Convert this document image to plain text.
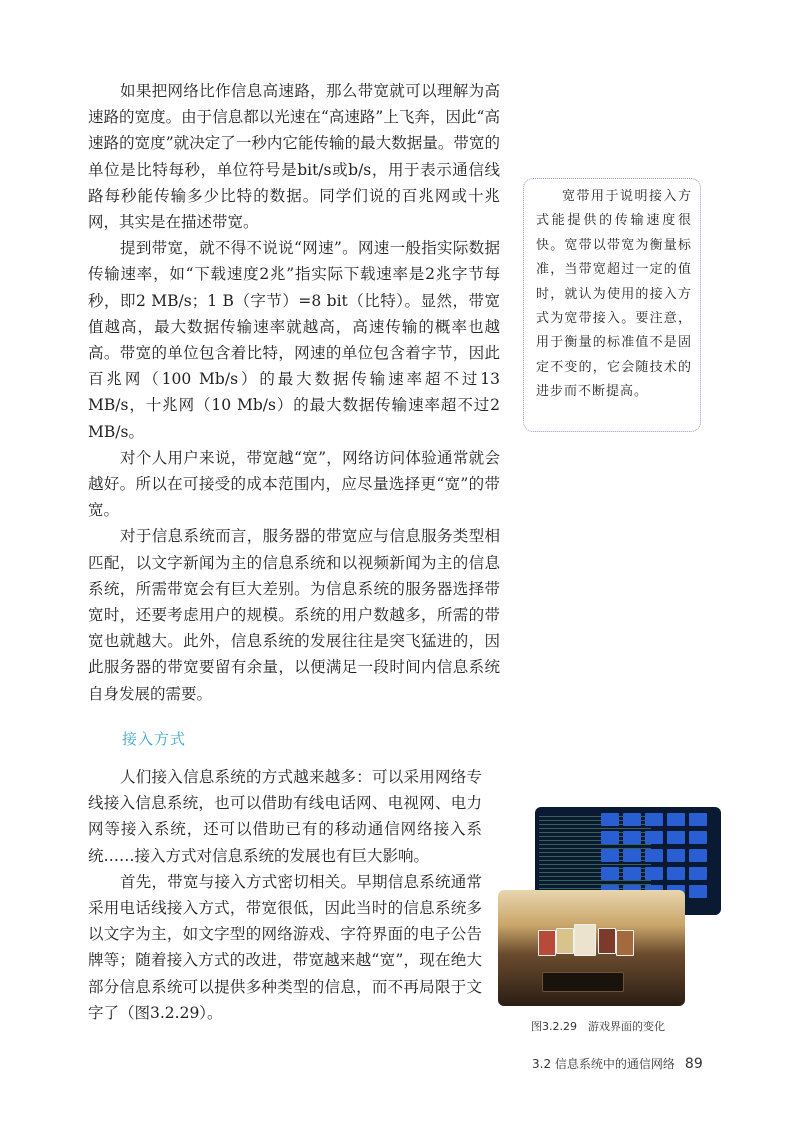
如果把网络比作信息高速路，那么带宽就可以理解为高速路的宽度。由于信息都以光速在“高速路”上飞奔，因此“高速路的宽度”就决定了一秒内它能传输的最大数据量。带宽的单位是比特每秒，单位符号是bit/s或b/s，用于表示通信线路每秒能传输多少比特的数据。同学们说的百兆网或十兆网，其实是在描述带宽。

提到带宽，就不得不说说“网速”。网速一般指实际数据传输速率，如“下载速度2兆”指实际下载速率是2兆字节每秒，即2 MB/s；1 B（字节）=8 bit（比特）。显然，带宽值越高，最大数据传输速率就越高，高速传输的概率也越高。带宽的单位包含着比特，网速的单位包含着字节，因此百兆网（100 Mb/s）的最大数据传输速率超不过13 MB/s，十兆网（10 Mb/s）的最大数据传输速率超不过2 MB/s。

对个人用户来说，带宽越“宽”，网络访问体验通常就会越好。所以在可接受的成本范围内，应尽量选择更“宽”的带宽。

对于信息系统而言，服务器的带宽应与信息服务类型相匹配，以文字新闻为主的信息系统和以视频新闻为主的信息系统，所需带宽会有巨大差别。为信息系统的服务器选择带宽时，还要考虑用户的规模。系统的用户数越多，所需的带宽也就越大。此外，信息系统的发展往往是突飞猛进的，因此服务器的带宽要留有余量，以便满足一段时间内信息系统自身发展的需要。

接入方式

人们接入信息系统的方式越来越多：可以采用网络专线接入信息系统，也可以借助有线电话网、电视网、电力网等接入系统，还可以借助已有的移动通信网络接入系统……接入方式对信息系统的发展也有巨大影响。

首先，带宽与接入方式密切相关。早期信息系统通常采用电话线接入方式，带宽很低，因此当时的信息系统多以文字为主，如文字型的网络游戏、字符界面的电子公告牌等；随着接入方式的改进，带宽越来越“宽”，现在绝大部分信息系统可以提供多种类型的信息，而不再局限于文字了（图3.2.29）。

宽带用于说明接入方式能提供的传输速度很快。宽带以带宽为衡量标准，当带宽超过一定的值时，就认为使用的接入方式为宽带接入。要注意，用于衡量的标准值不是固定不变的，它会随技术的进步而不断提高。
图3.2.29　游戏界面的变化
3.2 信息系统中的通信网络 89
